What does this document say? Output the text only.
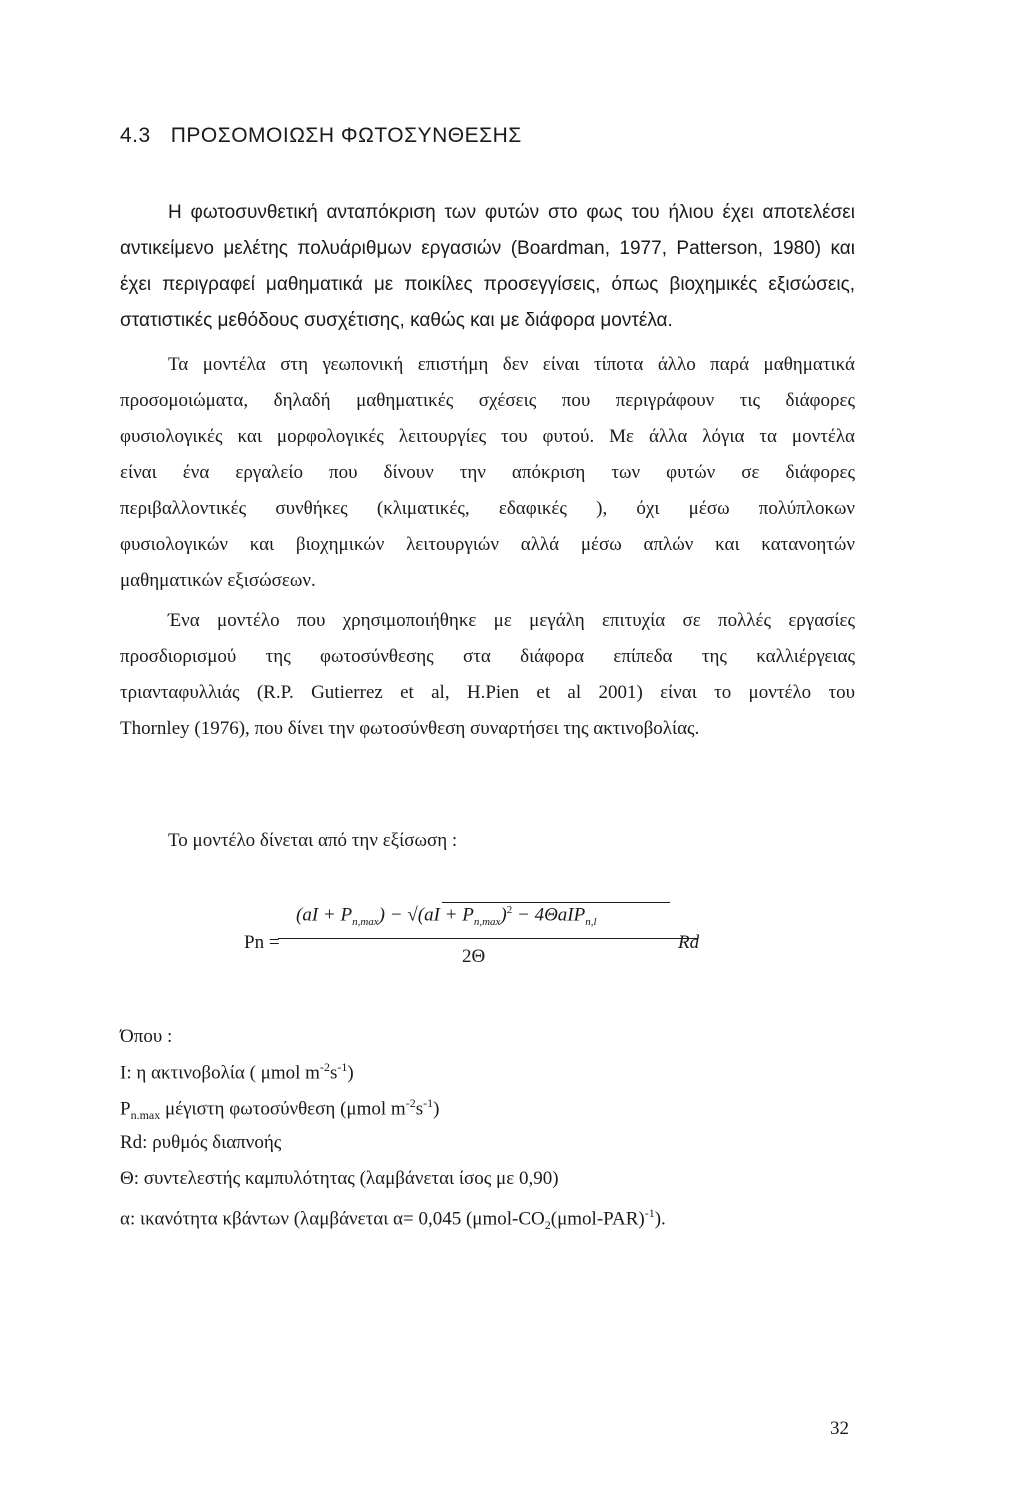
4.3 ΠΡΟΣΟΜΟΙΩΣΗ ΦΩΤΟΣΥΝΘΕΣΗΣ
Η φωτοσυνθετική ανταπόκριση των φυτών στο φως του ήλιου έχει αποτελέσει
αντικείμενο μελέτης πολυάριθμων εργασιών (Boardman, 1977, Patterson, 1980) και
έχει περιγραφεί μαθηματικά με ποικίλες προσεγγίσεις, όπως βιοχημικές εξισώσεις,
στατιστικές μεθόδους συσχέτισης, καθώς και με διάφορα μοντέλα.
Τα μοντέλα στη γεωπονική επιστήμη δεν είναι τίποτα άλλο παρά μαθηματικά
προσομοιώματα, δηλαδή μαθηματικές σχέσεις που περιγράφουν τις διάφορες
φυσιολογικές και μορφολογικές λειτουργίες του φυτού. Με άλλα λόγια τα μοντέλα
είναι ένα εργαλείο που δίνουν την απόκριση των φυτών σε διάφορες
περιβαλλοντικές συνθήκες (κλιματικές, εδαφικές ), όχι μέσω πολύπλοκων
φυσιολογικών και βιοχημικών λειτουργιών αλλά μέσω απλών και κατανοητών
μαθηματικών εξισώσεων.
Ένα μοντέλο που χρησιμοποιήθηκε με μεγάλη επιτυχία σε πολλές εργασίες
προσδιορισμού της φωτοσύνθεσης στα διάφορα επίπεδα της καλλιέργειας
τριανταφυλλιάς (R.P. Gutierrez et al, H.Pien et al 2001) είναι το μοντέλο του
Thornley (1976), που δίνει την φωτοσύνθεση συναρτήσει της ακτινοβολίας.
Το μοντέλο δίνεται από την εξίσωση :
Pn =
$(aI + P_{n,max}) - √(aI + P_{n,max})^2 - 4\Theta aIP_{n,l}$
2Θ
Rd
Όπου :
I: η ακτινοβολία ( μmol $m^{-2}s^{-1}$)
$P_{n.max}$ μέγιστη φωτοσύνθεση (μmol $m^{-2}s^{-1}$)
Rd: ρυθμός διαπνοής
Θ: συντελεστής καμπυλότητας (λαμβάνεται ίσος με 0,90)
α: ικανότητα κβάντων (λαμβάνεται α= 0,045 $(\mu mol-CO_2(\mu mol-PAR)^{-1})$.
32
